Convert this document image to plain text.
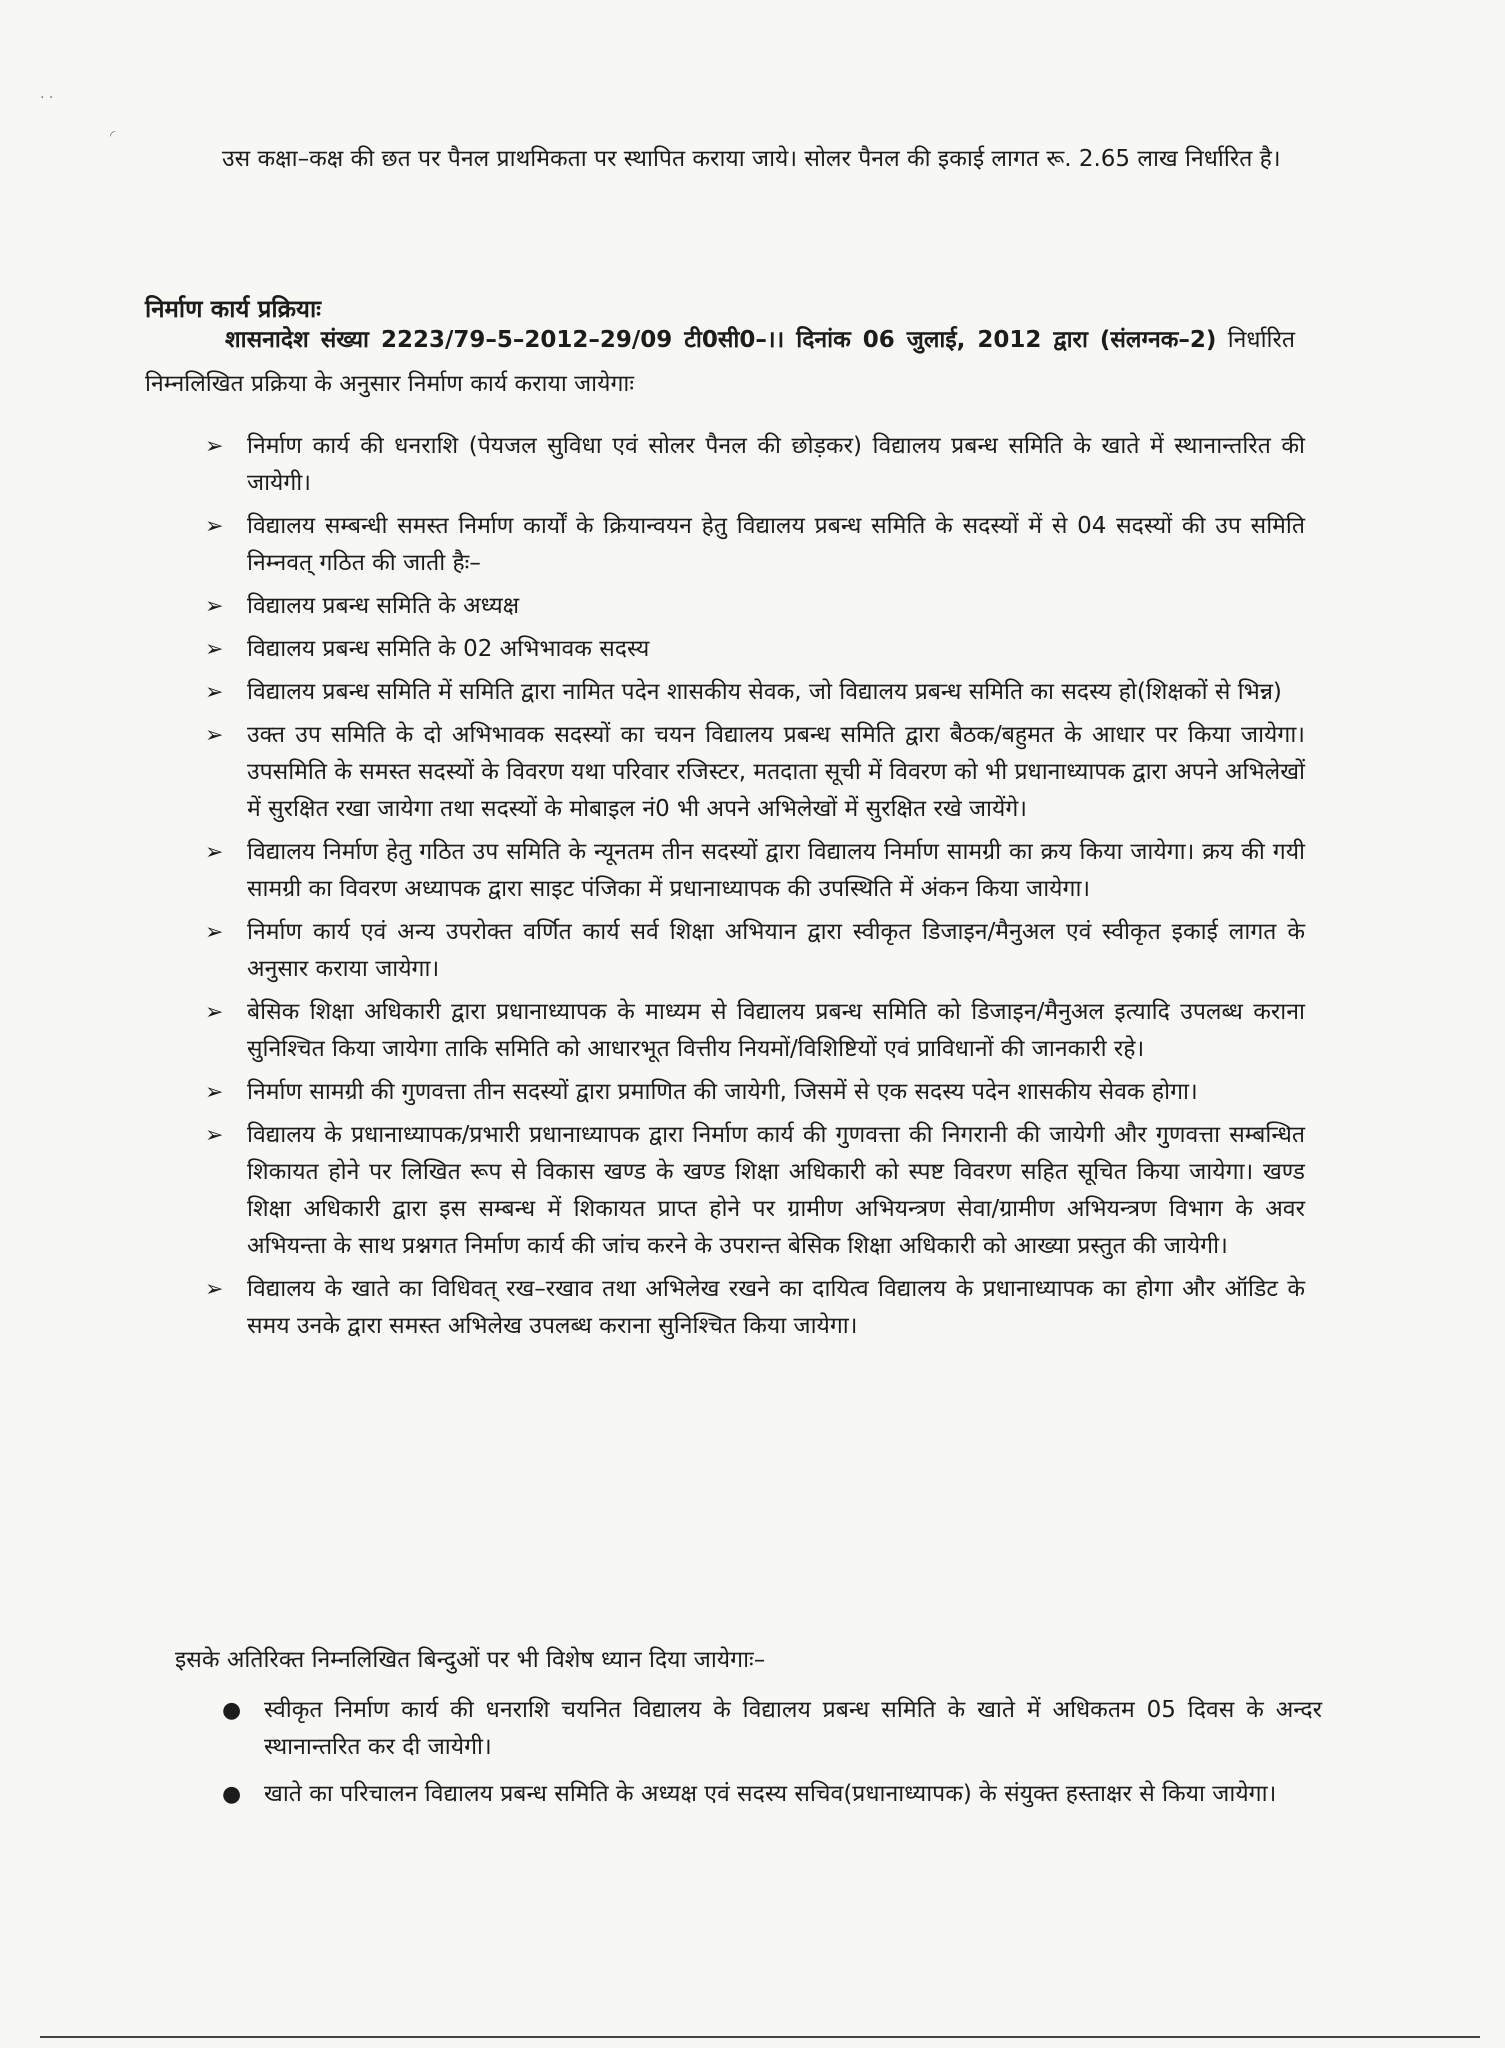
· ·
◜
उस कक्षा–कक्ष की छत पर पैनल प्राथमिकता पर स्थापित कराया जाये। सोलर पैनल की इकाई लागत रू. 2.65 लाख निर्धारित है।
निर्माण कार्य प्रक्रियाः
शासनादेश संख्या 2223/79–5–2012–29/09 टी0सी0–।। दिनांक 06 जुलाई, 2012 द्वारा (संलग्नक–2) निर्धारित निम्नलिखित प्रक्रिया के अनुसार निर्माण कार्य कराया जायेगाः
➢ निर्माण कार्य की धनराशि (पेयजल सुविधा एवं सोलर पैनल की छोड़कर) विद्यालय प्रबन्ध समिति के खाते में स्थानान्तरित की जायेगी।
➢ विद्यालय सम्बन्धी समस्त निर्माण कार्यों के क्रियान्वयन हेतु विद्यालय प्रबन्ध समिति के सदस्यों में से 04 सदस्यों की उप समिति निम्नवत् गठित की जाती हैः–
➢ विद्यालय प्रबन्ध समिति के अध्यक्ष
➢ विद्यालय प्रबन्ध समिति के 02 अभिभावक सदस्य
➢ विद्यालय प्रबन्ध समिति में समिति द्वारा नामित पदेन शासकीय सेवक, जो विद्यालय प्रबन्ध समिति का सदस्य हो(शिक्षकों से भिन्न)
➢ उक्त उप समिति के दो अभिभावक सदस्यों का चयन विद्यालय प्रबन्ध समिति द्वारा बैठक/बहुमत के आधार पर किया जायेगा। उपसमिति के समस्त सदस्यों के विवरण यथा परिवार रजिस्टर, मतदाता सूची में विवरण को भी प्रधानाध्यापक द्वारा अपने अभिलेखों में सुरक्षित रखा जायेगा तथा सदस्यों के मोबाइल नं0 भी अपने अभिलेखों में सुरक्षित रखे जायेंगे।
➢ विद्यालय निर्माण हेतु गठित उप समिति के न्यूनतम तीन सदस्यों द्वारा विद्यालय निर्माण सामग्री का क्रय किया जायेगा। क्रय की गयी सामग्री का विवरण अध्यापक द्वारा साइट पंजिका में प्रधानाध्यापक की उपस्थिति में अंकन किया जायेगा।
➢ निर्माण कार्य एवं अन्य उपरोक्त वर्णित कार्य सर्व शिक्षा अभियान द्वारा स्वीकृत डिजाइन/मैनुअल एवं स्वीकृत इकाई लागत के अनुसार कराया जायेगा।
➢ बेसिक शिक्षा अधिकारी द्वारा प्रधानाध्यापक के माध्यम से विद्यालय प्रबन्ध समिति को डिजाइन/मैनुअल इत्यादि उपलब्ध कराना सुनिश्चित किया जायेगा ताकि समिति को आधारभूत वित्तीय नियमों/विशिष्टियों एवं प्राविधानों की जानकारी रहे।
➢ निर्माण सामग्री की गुणवत्ता तीन सदस्यों द्वारा प्रमाणित की जायेगी, जिसमें से एक सदस्य पदेन शासकीय सेवक होगा।
➢ विद्यालय के प्रधानाध्यापक/प्रभारी प्रधानाध्यापक द्वारा निर्माण कार्य की गुणवत्ता की निगरानी की जायेगी और गुणवत्ता सम्बन्धित शिकायत होने पर लिखित रूप से विकास खण्ड के खण्ड शिक्षा अधिकारी को स्पष्ट विवरण सहित सूचित किया जायेगा। खण्ड शिक्षा अधिकारी द्वारा इस सम्बन्ध में शिकायत प्राप्त होने पर ग्रामीण अभियन्त्रण सेवा/ग्रामीण अभियन्त्रण विभाग के अवर अभियन्ता के साथ प्रश्नगत निर्माण कार्य की जांच करने के उपरान्त बेसिक शिक्षा अधिकारी को आख्या प्रस्तुत की जायेगी।
➢ विद्यालय के खाते का विधिवत् रख–रखाव तथा अभिलेख रखने का दायित्व विद्यालय के प्रधानाध्यापक का होगा और ऑडिट के समय उनके द्वारा समस्त अभिलेख उपलब्ध कराना सुनिश्चित किया जायेगा।
इसके अतिरिक्त निम्नलिखित बिन्दुओं पर भी विशेष ध्यान दिया जायेगाः–
● स्वीकृत निर्माण कार्य की धनराशि चयनित विद्यालय के विद्यालय प्रबन्ध समिति के खाते में अधिकतम 05 दिवस के अन्दर स्थानान्तरित कर दी जायेगी।
● खाते का परिचालन विद्यालय प्रबन्ध समिति के अध्यक्ष एवं सदस्य सचिव(प्रधानाध्यापक) के संयुक्त हस्ताक्षर से किया जायेगा।
